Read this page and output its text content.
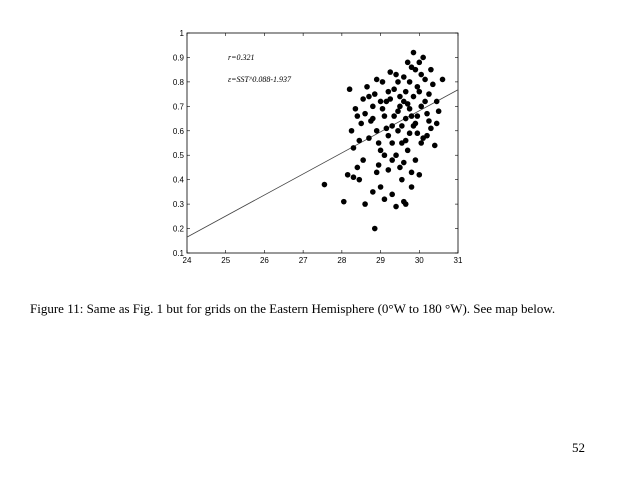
24	25	26	27	28	29	30	31
0.1
0.2
0.3
0.4
0.5
0.6
0.7
0.8
0.9
1
r=0.321
ε=SST^0.088-1.937
Figure 11: Same as Fig. 1 but for grids on the Eastern Hemisphere (0°W to 180 °W). See map below.
52
